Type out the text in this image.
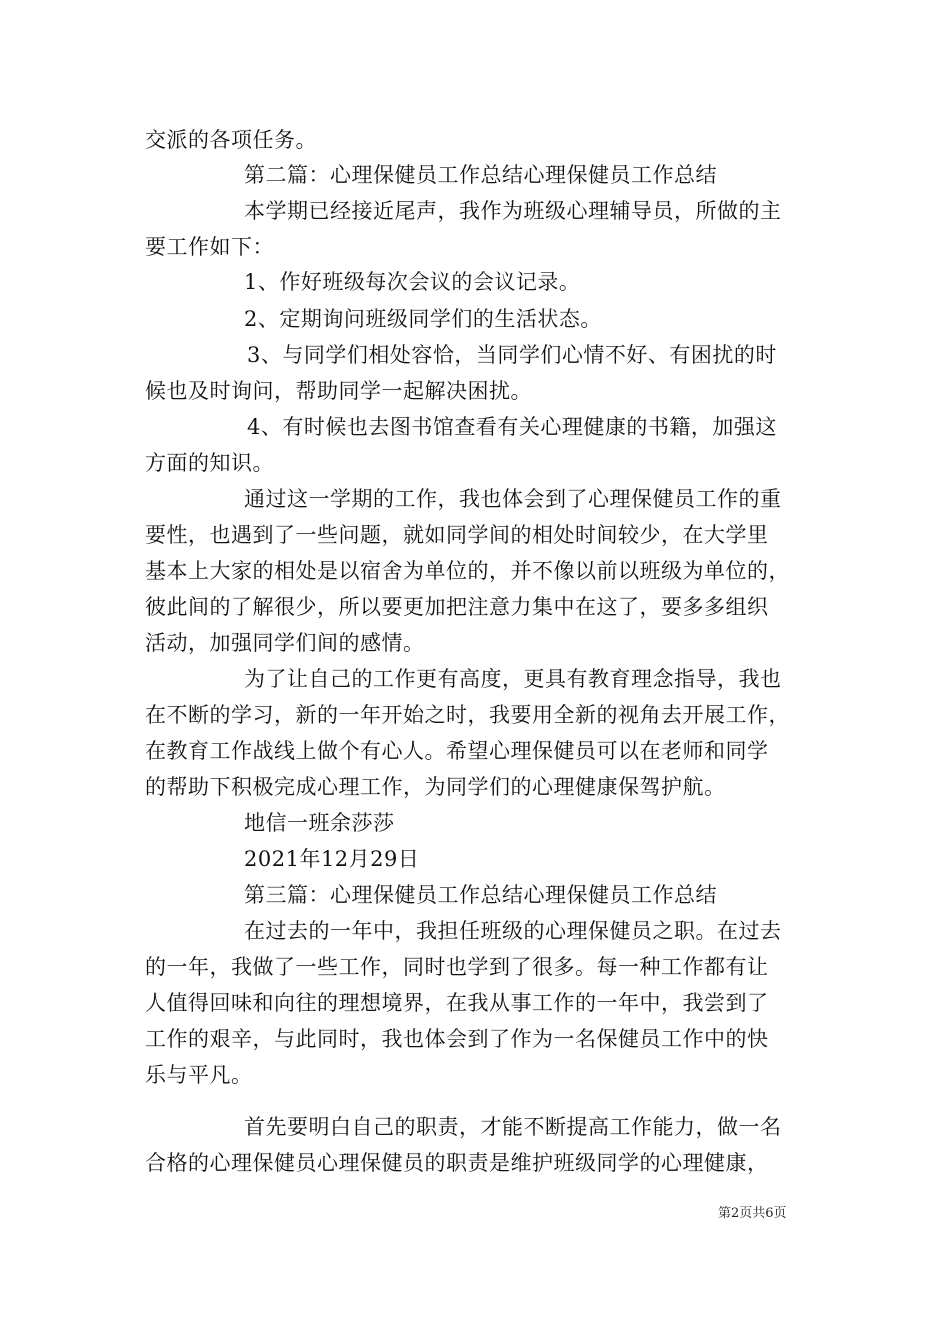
交派的各项任务。
第二篇：心理保健员工作总结心理保健员工作总结
本学期已经接近尾声，我作为班级心理辅导员，所做的主
要工作如下：
1、作好班级每次会议的会议记录。
2、定期询问班级同学们的生活状态。
3、与同学们相处容恰，当同学们心情不好、有困扰的时
候也及时询问，帮助同学一起解决困扰。
4、有时候也去图书馆查看有关心理健康的书籍，加强这
方面的知识。
通过这一学期的工作，我也体会到了心理保健员工作的重
要性，也遇到了一些问题，就如同学间的相处时间较少，在大学里
基本上大家的相处是以宿舍为单位的，并不像以前以班级为单位的，
彼此间的了解很少，所以要更加把注意力集中在这了，要多多组织
活动，加强同学们间的感情。
为了让自己的工作更有高度，更具有教育理念指导，我也
在不断的学习，新的一年开始之时，我要用全新的视角去开展工作，
在教育工作战线上做个有心人。希望心理保健员可以在老师和同学
的帮助下积极完成心理工作，为同学们的心理健康保驾护航。
地信一班余莎莎
2021年12月29日
第三篇：心理保健员工作总结心理保健员工作总结
在过去的一年中，我担任班级的心理保健员之职。在过去
的一年，我做了一些工作，同时也学到了很多。每一种工作都有让
人值得回味和向往的理想境界，在我从事工作的一年中，我尝到了
工作的艰辛，与此同时，我也体会到了作为一名保健员工作中的快
乐与平凡。
首先要明白自己的职责，才能不断提高工作能力，做一名
合格的心理保健员心理保健员的职责是维护班级同学的心理健康，
第2页共6页
